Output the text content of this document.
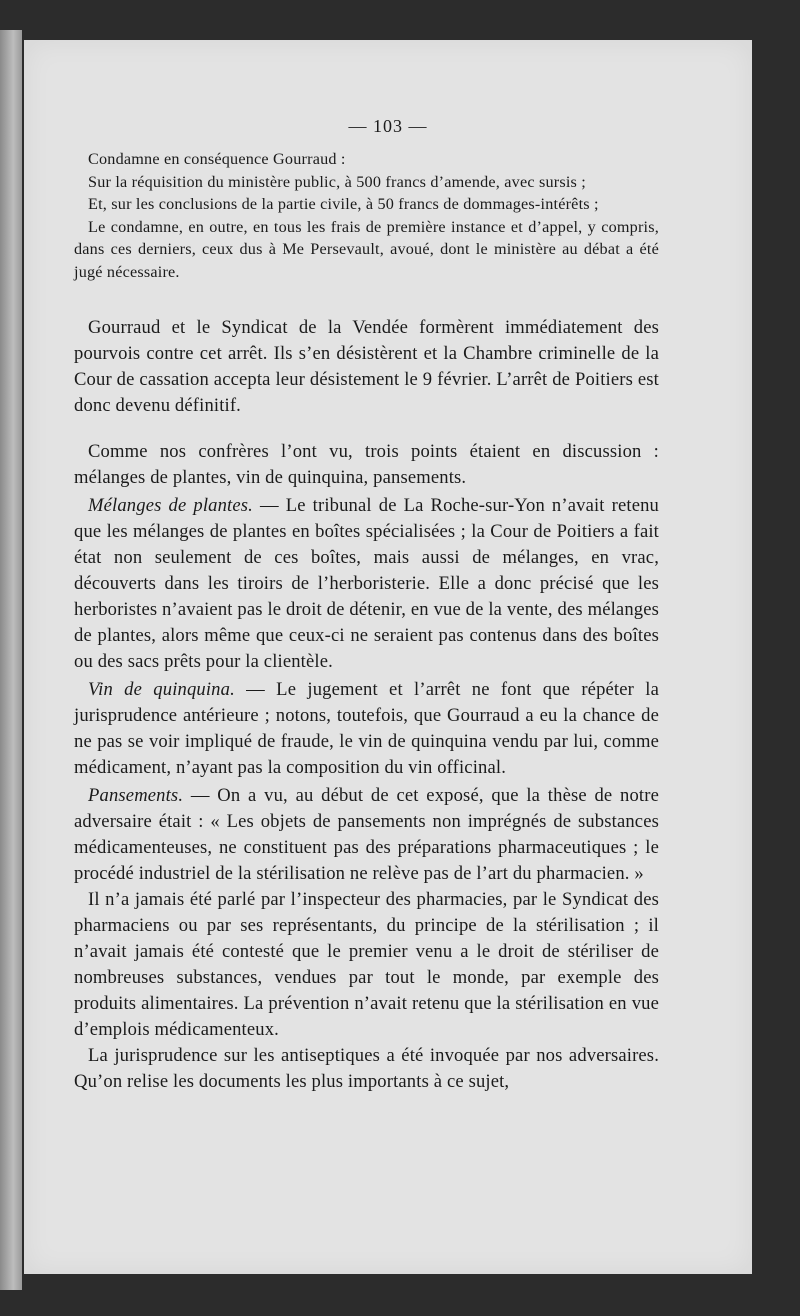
— 103 —

Condamne en conséquence Gourraud :

Sur la réquisition du ministère public, à 500 francs d’amende, avec sursis ;

Et, sur les conclusions de la partie civile, à 50 francs de dommages-intérêts ;

Le condamne, en outre, en tous les frais de première instance et d’appel, y compris, dans ces derniers, ceux dus à Me Persevault, avoué, dont le ministère au débat a été jugé nécessaire.

Gourraud et le Syndicat de la Vendée formèrent immédiatement des pourvois contre cet arrêt. Ils s’en désistèrent et la Chambre criminelle de la Cour de cassation accepta leur désistement le 9 février. L’arrêt de Poitiers est donc devenu définitif.

Comme nos confrères l’ont vu, trois points étaient en discussion : mélanges de plantes, vin de quinquina, pansements.

Mélanges de plantes. — Le tribunal de La Roche-sur-Yon n’avait retenu que les mélanges de plantes en boîtes spécialisées ; la Cour de Poitiers a fait état non seulement de ces boîtes, mais aussi de mélanges, en vrac, découverts dans les tiroirs de l’herboristerie. Elle a donc précisé que les herboristes n’avaient pas le droit de détenir, en vue de la vente, des mélanges de plantes, alors même que ceux-ci ne seraient pas contenus dans des boîtes ou des sacs prêts pour la clientèle.

Vin de quinquina. — Le jugement et l’arrêt ne font que répéter la jurisprudence antérieure ; notons, toutefois, que Gourraud a eu la chance de ne pas se voir impliqué de fraude, le vin de quinquina vendu par lui, comme médicament, n’ayant pas la composition du vin officinal.

Pansements. — On a vu, au début de cet exposé, que la thèse de notre adversaire était : « Les objets de pansements non imprégnés de substances médicamenteuses, ne constituent pas des préparations pharmaceutiques ; le procédé industriel de la stérilisation ne relève pas de l’art du pharmacien. »

Il n’a jamais été parlé par l’inspecteur des pharmacies, par le Syndicat des pharmaciens ou par ses représentants, du principe de la stérilisation ; il n’avait jamais été contesté que le premier venu a le droit de stériliser de nombreuses substances, vendues par tout le monde, par exemple des produits alimentaires. La prévention n’avait retenu que la stérilisation en vue d’emplois médicamenteux.

La jurisprudence sur les antiseptiques a été invoquée par nos adversaires. Qu’on relise les documents les plus importants à ce sujet,
